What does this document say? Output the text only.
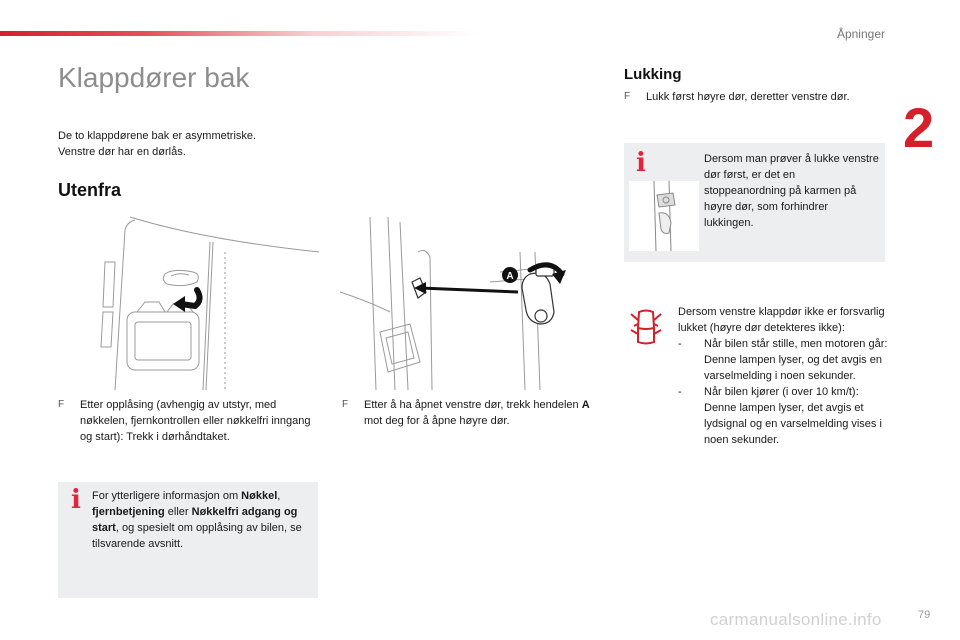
Åpninger
2
Klappdører bak
De to klappdørene bak er asymmetriske.
Venstre dør har en dørlås.
Utenfra
A
F Etter opplåsing (avhengig av utstyr, med nøkkelen, fjernkontrollen eller nøkkelfri inngang og start): Trekk i dørhåndtaket.
F Etter å ha åpnet venstre dør, trekk hendelen A mot deg for å åpne høyre dør.
i For ytterligere informasjon om Nøkkel, fjernbetjening eller Nøkkelfri adgang og start, og spesielt om opplåsing av bilen, se tilsvarende avsnitt.
Lukking
F Lukk først høyre dør, deretter venstre dør.
i	Dersom man prøver å lukke venstre dør først, er det en stoppeanordning på karmen på høyre dør, som forhindrer lukkingen.
Dersom venstre klappdør ikke er forsvarlig lukket (høyre dør detekteres ikke):
- Når bilen står stille, men motoren går: Denne lampen lyser, og det avgis en varselmelding i noen sekunder.
- Når bilen kjører (i over 10 km/t): Denne lampen lyser, det avgis et lydsignal og en varselmelding vises i noen sekunder.
carmanualsonline.info	79
